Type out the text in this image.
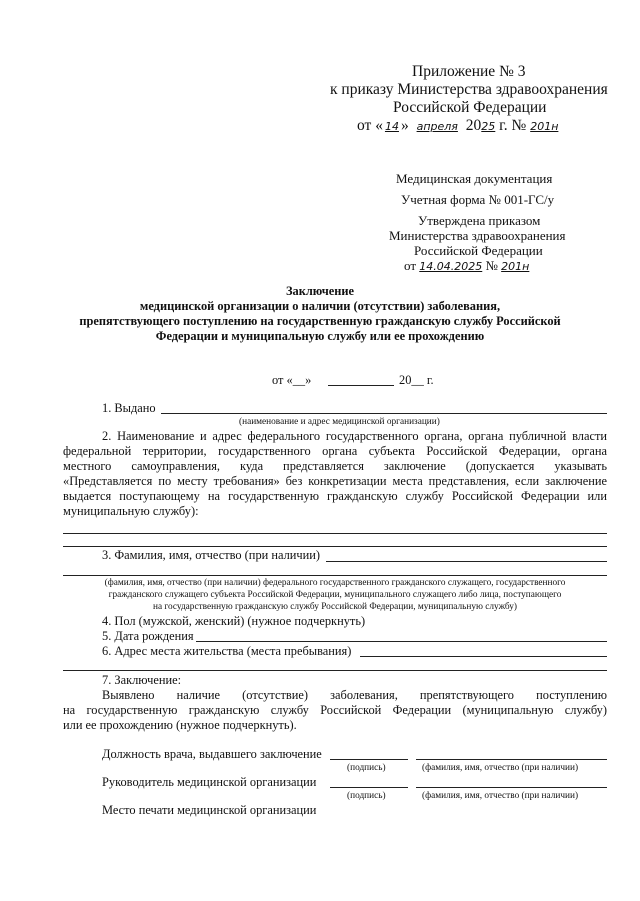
Приложение № 3
к приказу Министерства здравоохранения
Российской Федерации
от « 14 » апреля 2025 г. № 201н
Медицинская документация
Учетная форма № 001-ГС/у
Утверждена приказом
Министерства здравоохранения
Российской Федерации
от 14.04.2025 № 201н
Заключение
медицинской организации о наличии (отсутствии) заболевания,
препятствующего поступлению на государственную гражданскую службу Российской
Федерации и муниципальную службу или ее прохождению
от «__»	20__ г.
1. Выдано
(наименование и адрес медицинской организации)
2. Наименование и адрес федерального государственного органа, органа публичной власти
федеральной территории, государственного органа субъекта Российской Федерации, органа
местного самоуправления, куда представляется заключение (допускается указывать
«Представляется по месту требования» без конкретизации места представления, если заключение
выдается поступающему на государственную гражданскую службу Российской Федерации или
муниципальную службу):
3. Фамилия, имя, отчество (при наличии)
(фамилия, имя, отчество (при наличии) федерального государственного гражданского служащего, государственного
гражданского служащего субъекта Российской Федерации, муниципального служащего либо лица, поступающего
на государственную гражданскую службу Российской Федерации, муниципальную службу)
4. Пол (мужской, женский) (нужное подчеркнуть)
5. Дата рождения
6. Адрес места жительства (места пребывания)
7. Заключение:
Выявлено наличие (отсутствие) заболевания, препятствующего поступлению
на государственную гражданскую службу Российской Федерации (муниципальную службу)
или ее прохождению (нужное подчеркнуть).
Должность врача, выдавшего заключение
(подпись)	(фамилия, имя, отчество (при наличии)
Руководитель медицинской организации
(подпись)	(фамилия, имя, отчество (при наличии)
Место печати медицинской организации
